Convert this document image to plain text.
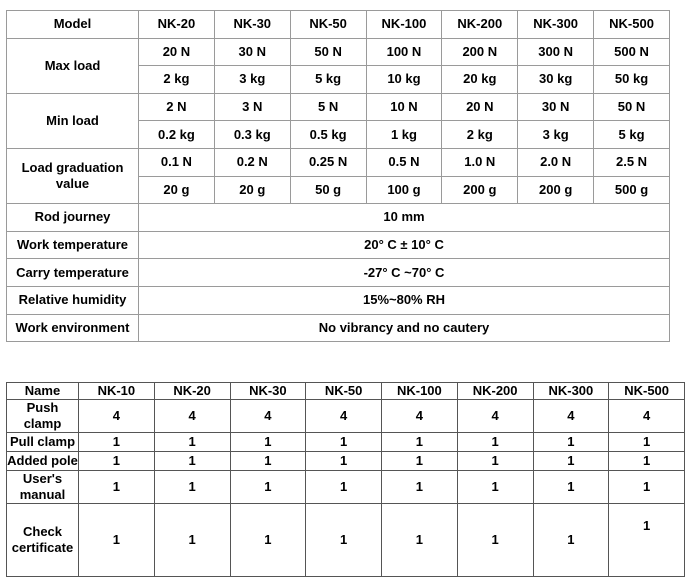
Model	NK-20	NK-30	NK-50	NK-100	NK-200	NK-300	NK-500
Max load	20 N	30 N	50 N	100 N	200 N	300 N	500 N
	2 kg	3 kg	5 kg	10 kg	20 kg	30 kg	50 kg
Min load	2 N	3 N	5 N	10 N	20 N	30 N	50 N
	0.2 kg	0.3 kg	0.5 kg	1 kg	2 kg	3 kg	5 kg
Load graduation value	0.1 N	0.2 N	0.25 N	0.5 N	1.0 N	2.0 N	2.5 N
	20 g	20 g	50 g	100 g	200 g	200 g	500 g
Rod journey	10 mm						
Work temperature	20° C ± 10° C						
Carry temperature	-27° C ~70° C						
Relative humidity	15%~80% RH						
Work environment	No vibrancy and no cautery						
Name	NK-10	NK-20	NK-30	NK-50	NK-100	NK-200	NK-300	NK-500
Push clamp	4	4	4	4	4	4	4	4
Pull clamp	1	1	1	1	1	1	1	1
Added pole	1	1	1	1	1	1	1	1
User's manual	1	1	1	1	1	1	1	1
Check certificate	1	1	1	1	1	1	1	1
